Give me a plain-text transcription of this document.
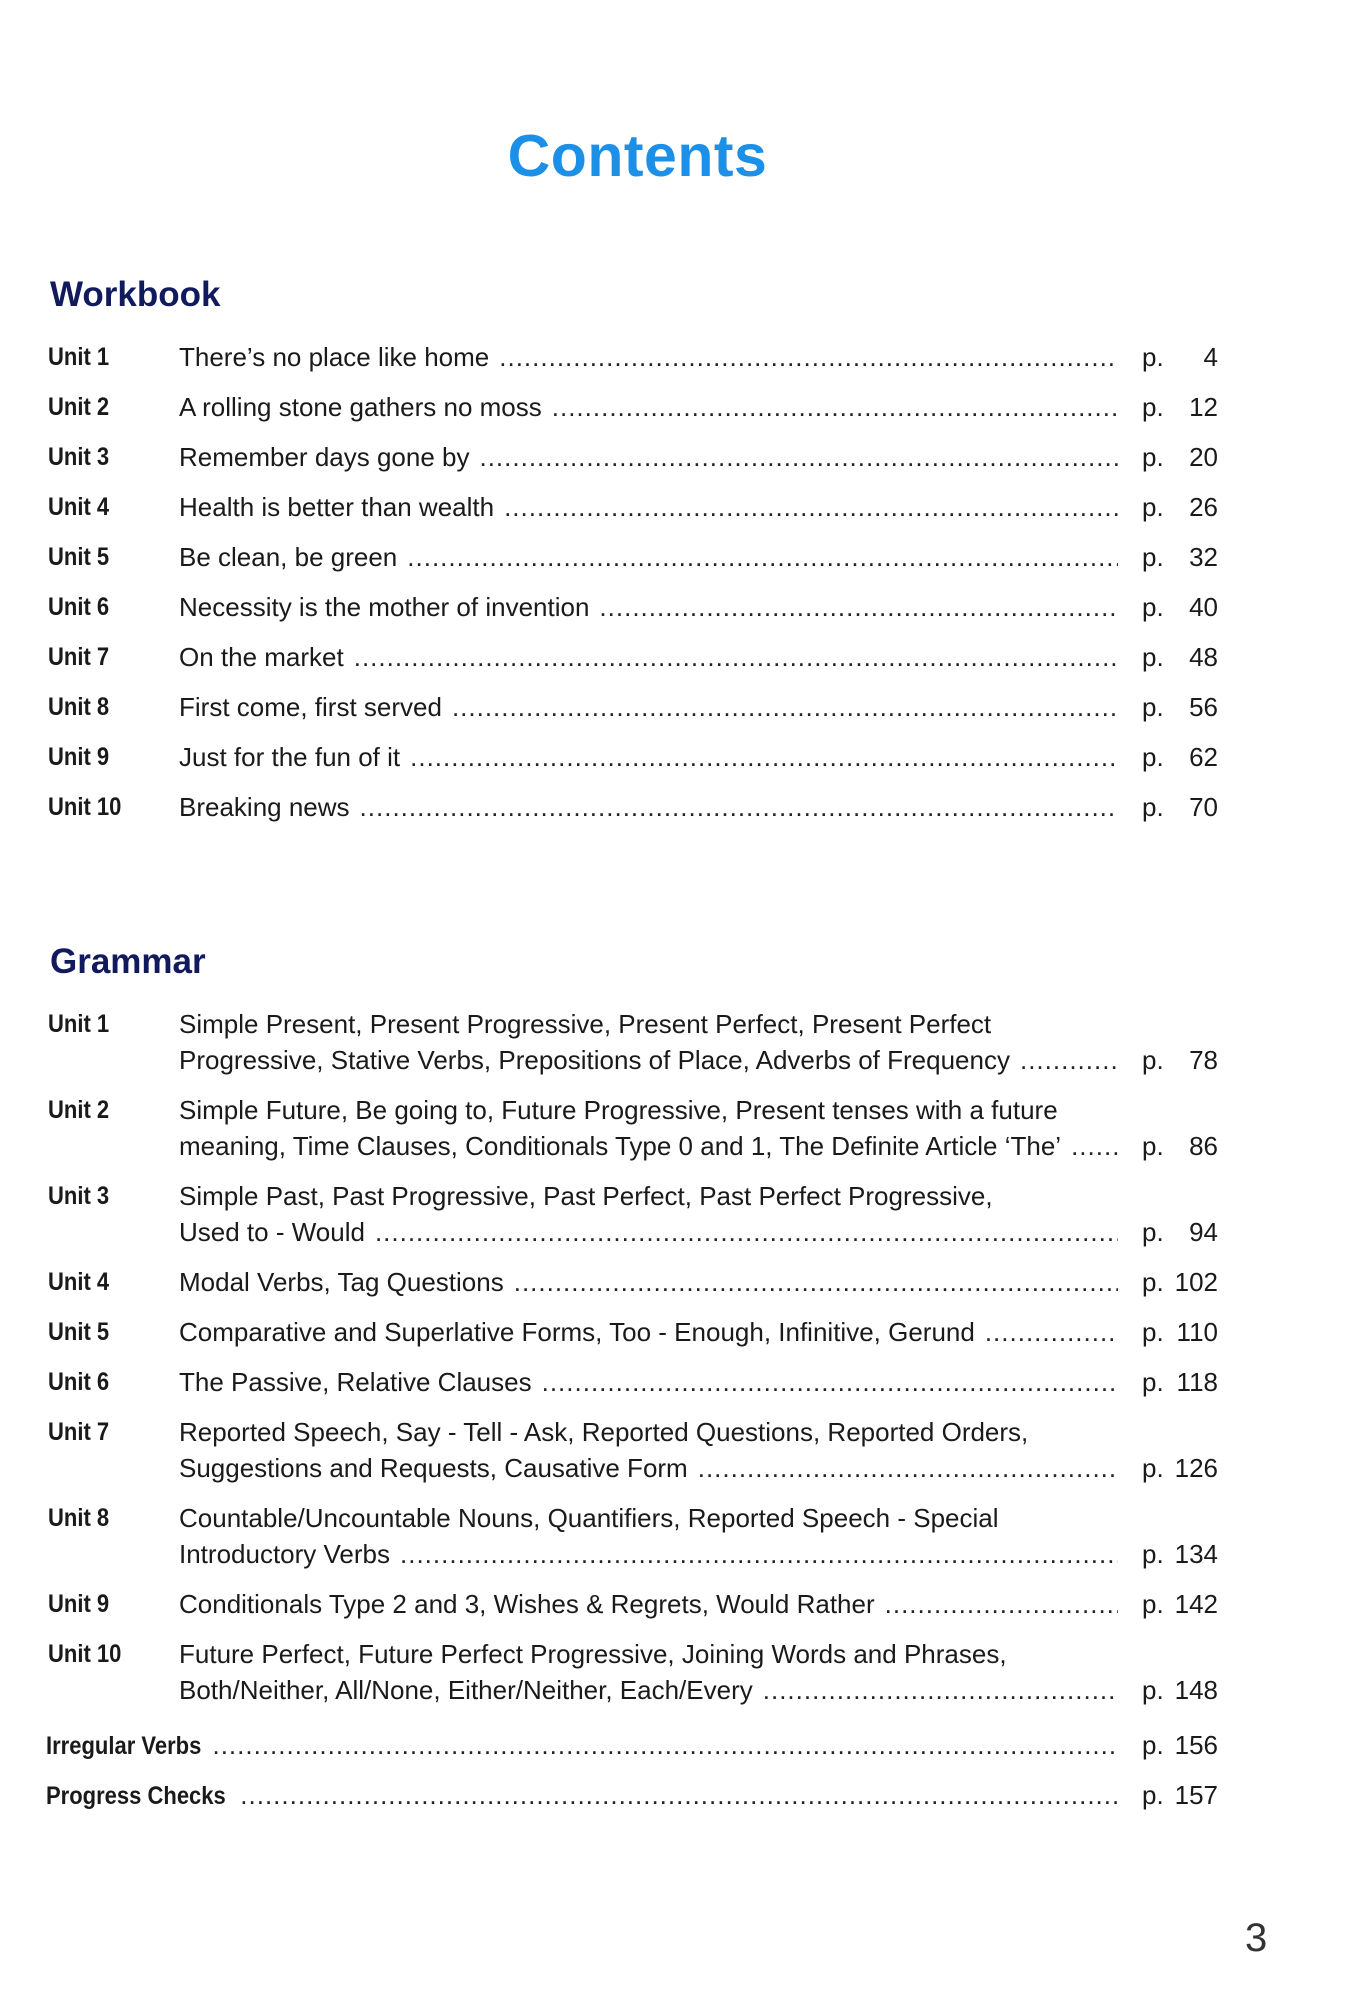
Contents
Workbook
Unit 1	There’s no place like home .....	p. 4
Unit 2	A rolling stone gathers no moss .....	p. 12
Unit 3	Remember days gone by .....	p. 20
Unit 4	Health is better than wealth .....	p. 26
Unit 5	Be clean, be green .....	p. 32
Unit 6	Necessity is the mother of invention .....	p. 40
Unit 7	On the market .....	p. 48
Unit 8	First come, first served .....	p. 56
Unit 9	Just for the fun of it .....	p. 62
Unit 10 Breaking news .....	p. 70
Grammar
Unit 1	Simple Present, Present Progressive, Present Perfect, Present Perfect
Progressive, Stative Verbs, Prepositions of Place, Adverbs of Frequency .....	p. 78
Unit 2	Simple Future, Be going to, Future Progressive, Present tenses with a future
meaning, Time Clauses, Conditionals Type 0 and 1, The Definite Article ‘The’ .....	p. 86
Unit 3	Simple Past, Past Progressive, Past Perfect, Past Perfect Progressive,
Used to - Would .....	p. 94
Unit 4	Modal Verbs, Tag Questions .....	p. 102
Unit 5	Comparative and Superlative Forms, Too - Enough, Infinitive, Gerund .....	p. 110
Unit 6	The Passive, Relative Clauses .....	p. 118
Unit 7	Reported Speech, Say - Tell - Ask, Reported Questions, Reported Orders,
Suggestions and Requests, Causative Form .....	p. 126
Unit 8	Countable/Uncountable Nouns, Quantifiers, Reported Speech - Special
Introductory Verbs .....	p. 134
Unit 9	Conditionals Type 2 and 3, Wishes & Regrets, Would Rather .....	p. 142
Unit 10 Future Perfect, Future Perfect Progressive, Joining Words and Phrases,
Both/Neither, All/None, Either/Neither, Each/Every .....	p. 148
Irregular Verbs .....	p. 156
Progress Checks .....	p. 157
3
